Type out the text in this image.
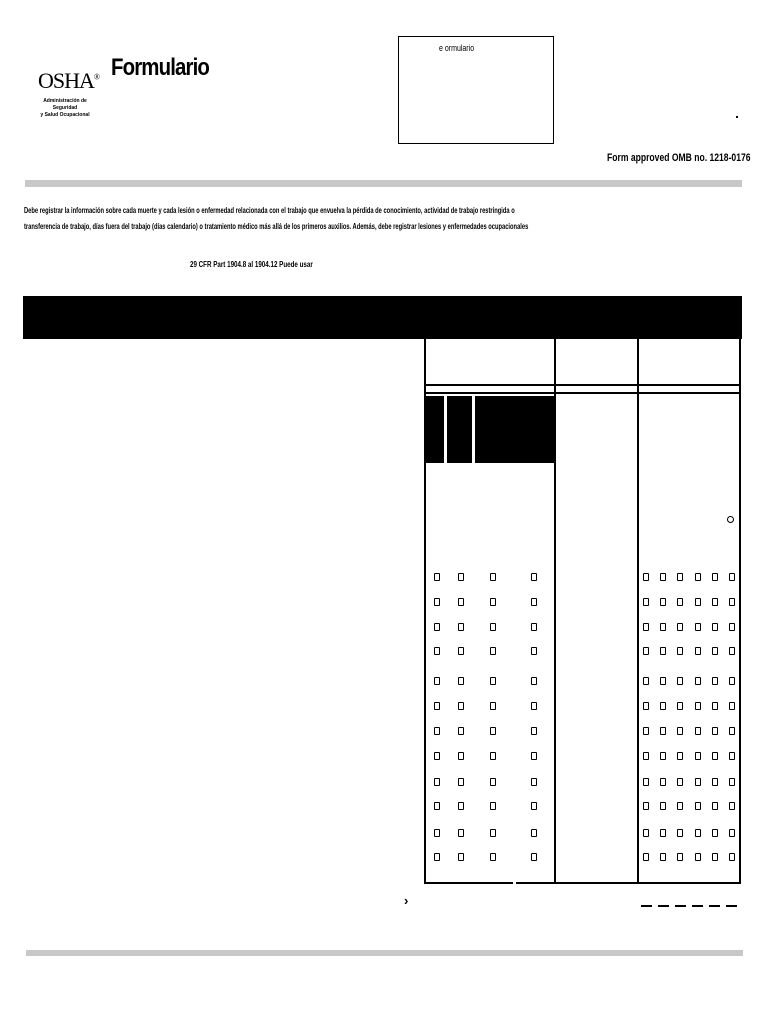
OSHA®
Administración de Seguridad
y Salud Ocupacional
Formulario
e ormulario
Form approved OMB no. 1218-0176
Debe registrar la información sobre cada muerte y cada lesión o enfermedad relacionada con el trabajo que envuelva la pérdida de conocimiento, actividad de trabajo restringida o
transferencia de trabajo, días fuera del trabajo (días calendario) o tratamiento médico más allá de los primeros auxilios. Además, debe registrar lesiones y enfermedades ocupacionales
29 CFR Part 1904.8 al 1904.12 Puede usar
›
